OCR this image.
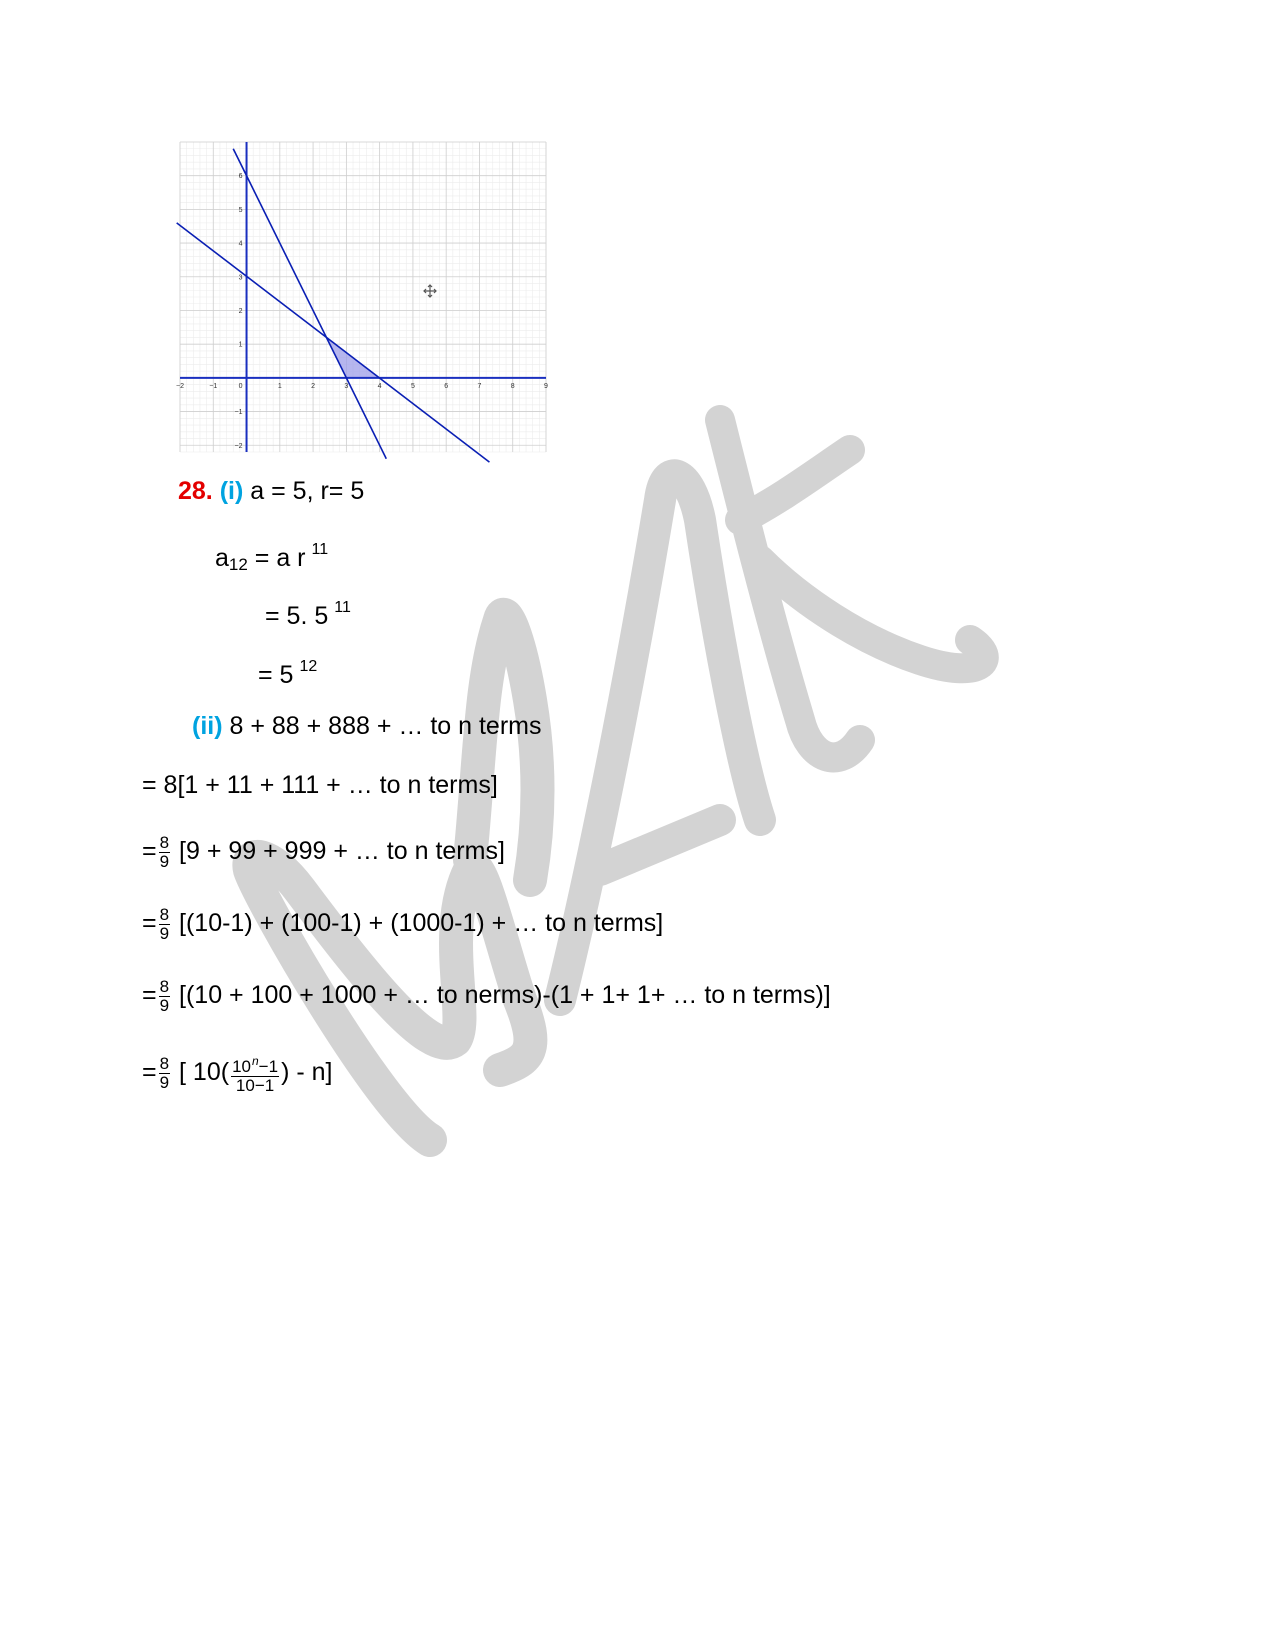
−2	−1	0	1	2	3	4	5	6	7	8	9
−2
−1
1
2
3
4
5
6
28. (i) a = 5, r= 5
$a_{12} = a$ r $^{11}$
= 5. 5 $^{11}$
= 5 $^{12}$
(ii) 8 + 88 + 888 + … to n terms
= 8[1 + 11 + 111 + … to n terms]
= $\frac{8}{9} [9 + 99 + 999$ + … to n terms]
= $\frac{8}{9} [(10-1) + (100-1) + (1000-1)$ + … to n terms]
= $\frac{8}{9} [(10 + 100 + 1000$ + … to nerms)-(1 + 1+ 1+ … to n terms)]
= $\frac{8}{9}$ [ $10( \frac{10^n-1}{10-1}$ ) - n]
